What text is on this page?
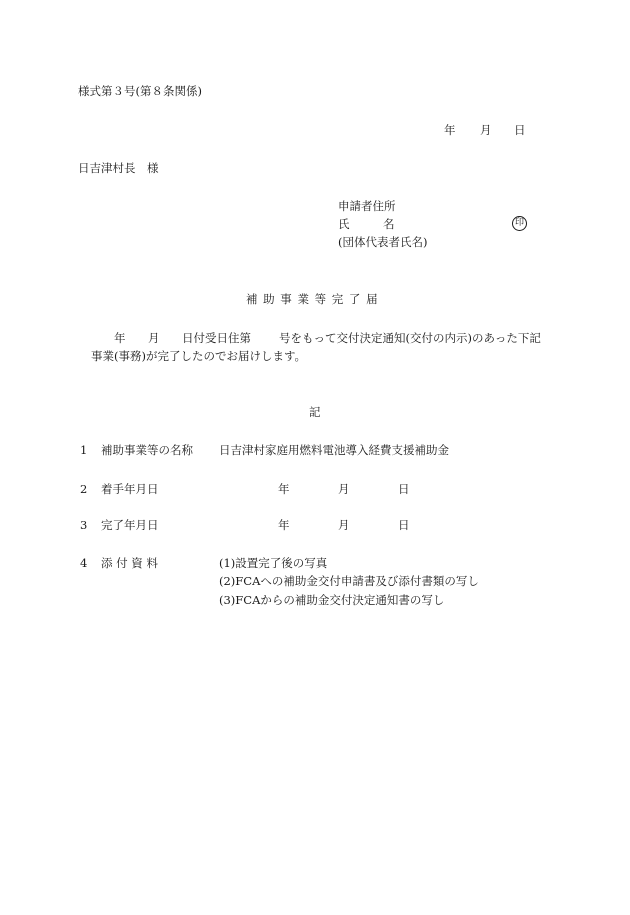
様式第３号(第８条関係)
年 月 日
日吉津村長　様
申請者住所
氏	名	印
(団体代表者氏名)
補 助 事 業 等 完 了 届
年 月 日付受日住第 号をもって交付決定通知(交付の内示)のあった下記
事業(事務)が完了したのでお届けします。
記
1 補助事業等の名称 日吉津村家庭用燃料電池導入経費支援補助金
2 着手年月日	年	月	日
3 完了年月日	年	月	日
4 添 付 資 料	(1)設置完了後の写真
(2)FCAへの補助金交付申請書及び添付書類の写し
(3)FCAからの補助金交付決定通知書の写し
